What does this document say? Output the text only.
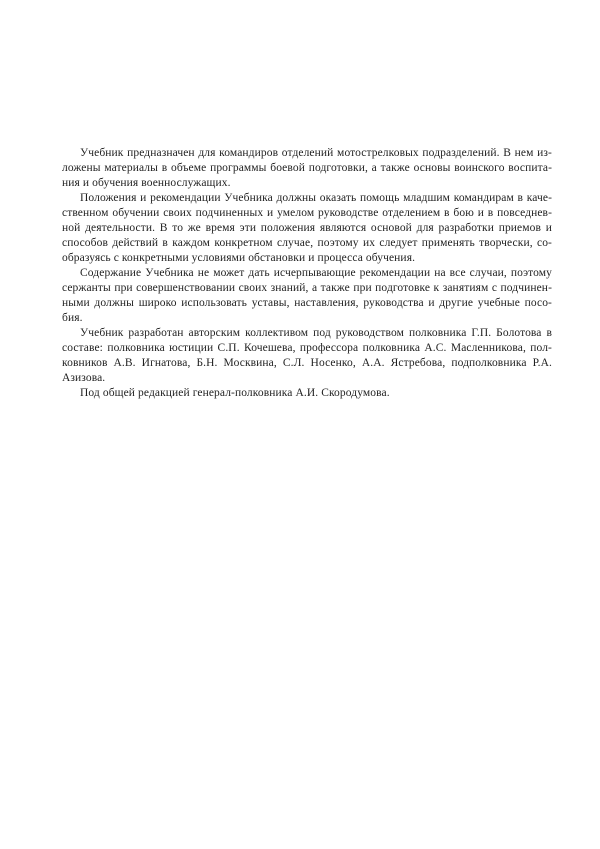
Учебник предназначен для командиров отделений мотострелковых подразделений. В нем из-
ложены материалы в объеме программы боевой подготовки, а также основы воинского воспита-
ния и обучения военнослужащих.
Положения и рекомендации Учебника должны оказать помощь младшим командирам в каче-
ственном обучении своих подчиненных и умелом руководстве отделением в бою и в повседнев-
ной деятельности. В то же время эти положения являются основой для разработки приемов и
способов действий в каждом конкретном случае, поэтому их следует применять творчески, со-
образуясь с конкретными условиями обстановки и процесса обучения.
Содержание Учебника не может дать исчерпывающие рекомендации на все случаи, поэтому
сержанты при совершенствовании своих знаний, а также при подготовке к занятиям с подчинен-
ными должны широко использовать уставы, наставления, руководства и другие учебные посо-
бия.
Учебник разработан авторским коллективом под руководством полковника Г.П. Болотова в
составе: полковника юстиции С.П. Кочешева, профессора полковника А.С. Масленникова, пол-
ковников А.В. Игнатова, Б.Н. Москвина, С.Л. Носенко, А.А. Ястребова, подполковника Р.А.
Азизова.
Под общей редакцией генерал-полковника А.И. Скородумова.
